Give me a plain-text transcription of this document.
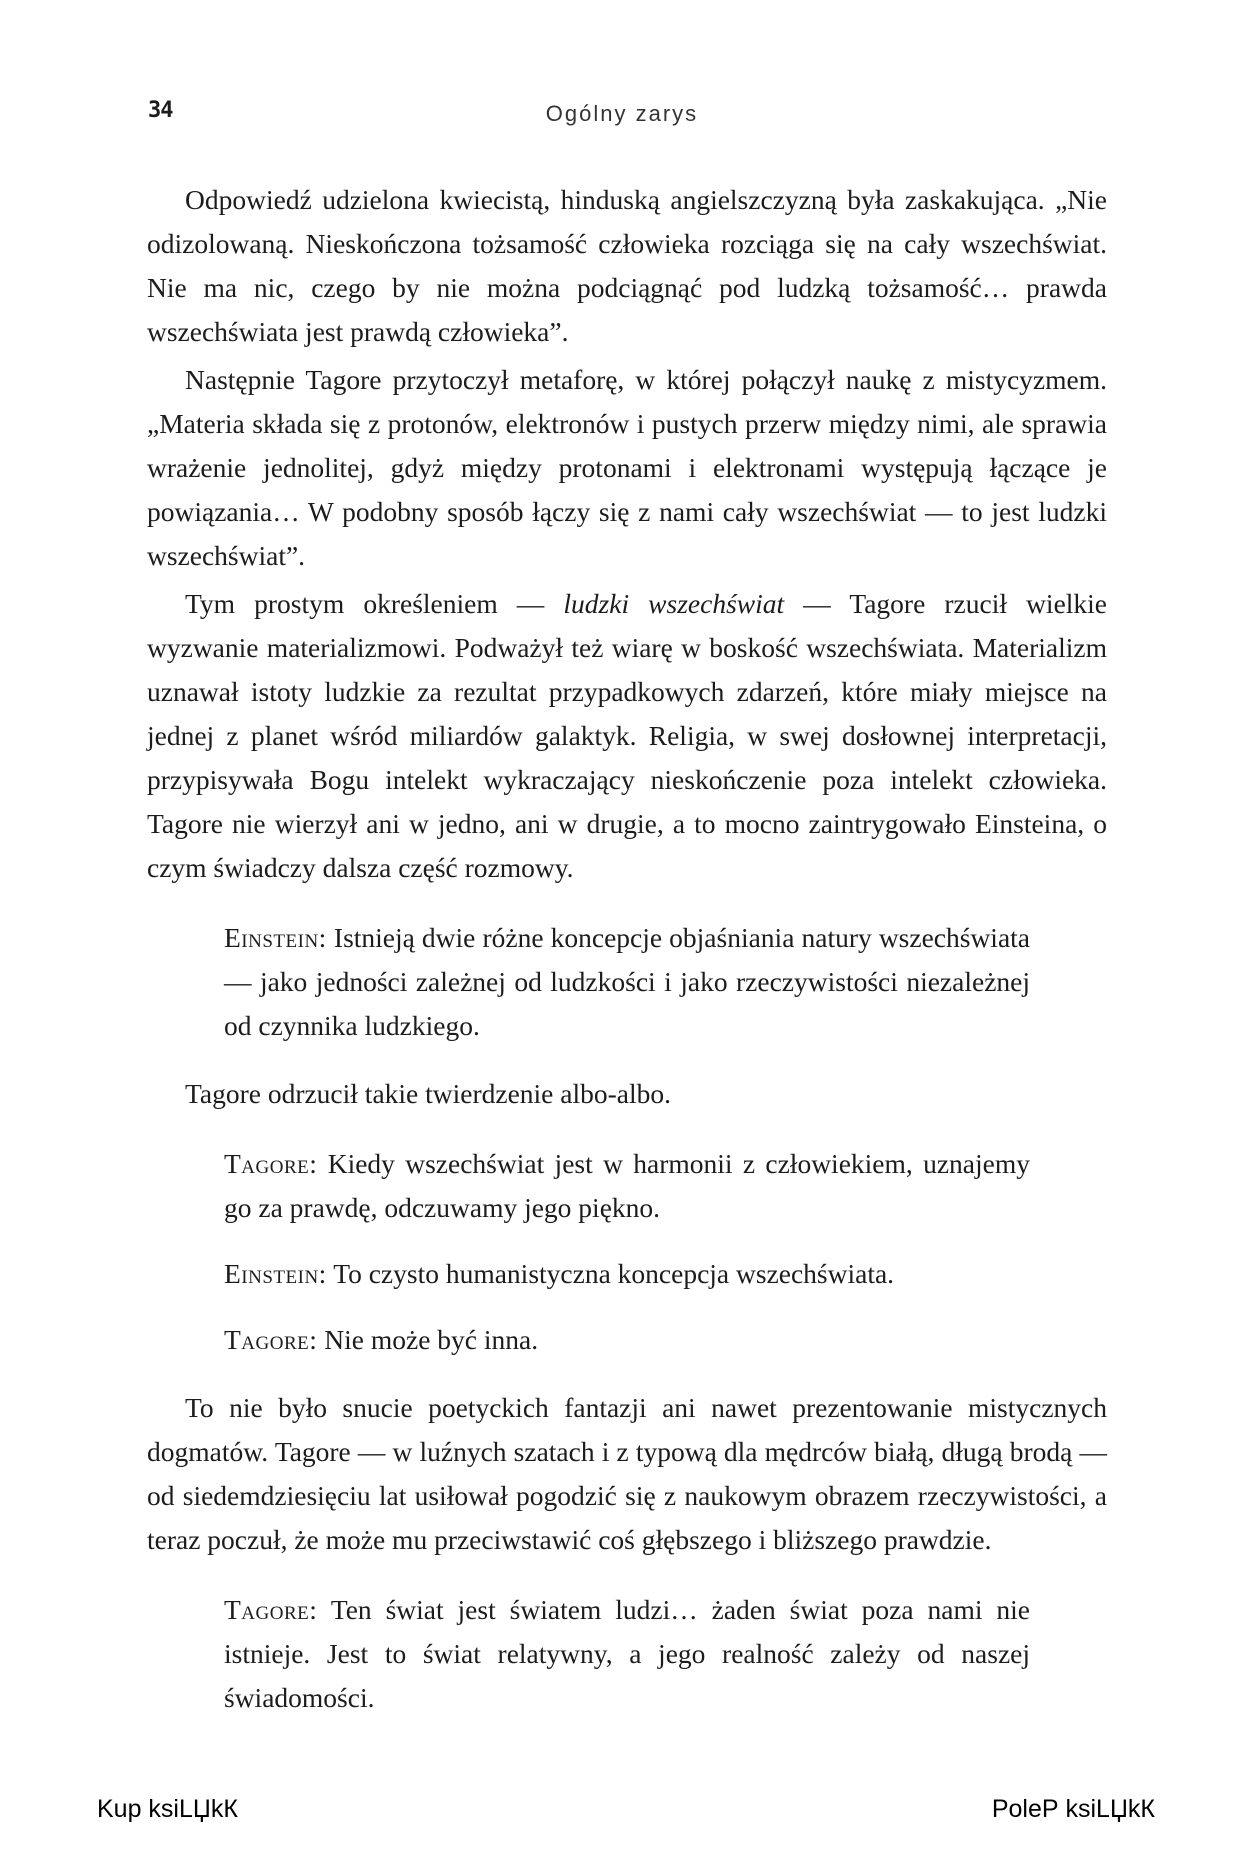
34	Ogólny zarys

Odpowiedź udzielona kwiecistą, hinduską angielszczyzną była zaskakująca. „Nie odizolowaną. Nieskończona tożsamość człowieka rozciąga się na cały wszechświat. Nie ma nic, czego by nie można podciągnąć pod ludzką tożsamość… prawda wszechświata jest prawdą człowieka”.

Następnie Tagore przytoczył metaforę, w której połączył naukę z mistycyzmem. „Materia składa się z protonów, elektronów i pustych przerw między nimi, ale sprawia wrażenie jednolitej, gdyż między protonami i elektronami występują łączące je powiązania… W podobny sposób łączy się z nami cały wszechświat — to jest ludzki wszechświat”.

Tym prostym określeniem — ludzki wszechświat — Tagore rzucił wielkie wyzwanie materializmowi. Podważył też wiarę w boskość wszechświata. Materializm uznawał istoty ludzkie za rezultat przypadkowych zdarzeń, które miały miejsce na jednej z planet wśród miliardów galaktyk. Religia, w swej dosłownej interpretacji, przypisywała Bogu intelekt wykraczający nieskończenie poza intelekt człowieka. Tagore nie wierzył ani w jedno, ani w drugie, a to mocno zaintrygowało Einsteina, o czym świadczy dalsza część rozmowy.

Einstein: Istnieją dwie różne koncepcje objaśniania natury wszechświata — jako jedności zależnej od ludzkości i jako rzeczywistości niezależnej od czynnika ludzkiego.

Tagore odrzucił takie twierdzenie albo-albo.

Tagore: Kiedy wszechświat jest w harmonii z człowiekiem, uznajemy go za prawdę, odczuwamy jego piękno.

Einstein: To czysto humanistyczna koncepcja wszechświata.

Tagore: Nie może być inna.

To nie było snucie poetyckich fantazji ani nawet prezentowanie mistycznych dogmatów. Tagore — w luźnych szatach i z typową dla mędrców białą, długą brodą — od siedemdziesięciu lat usiłował pogodzić się z naukowym obrazem rzeczywistości, a teraz poczuł, że może mu przeciwstawić coś głębszego i bliższego prawdzie.

Tagore: Ten świat jest światem ludzi… żaden świat poza nami nie istnieje. Jest to świat relatywny, a jego realność zależy od naszej świadomości.

Kup ksiLЏkК	PoleР ksiLЏkК
